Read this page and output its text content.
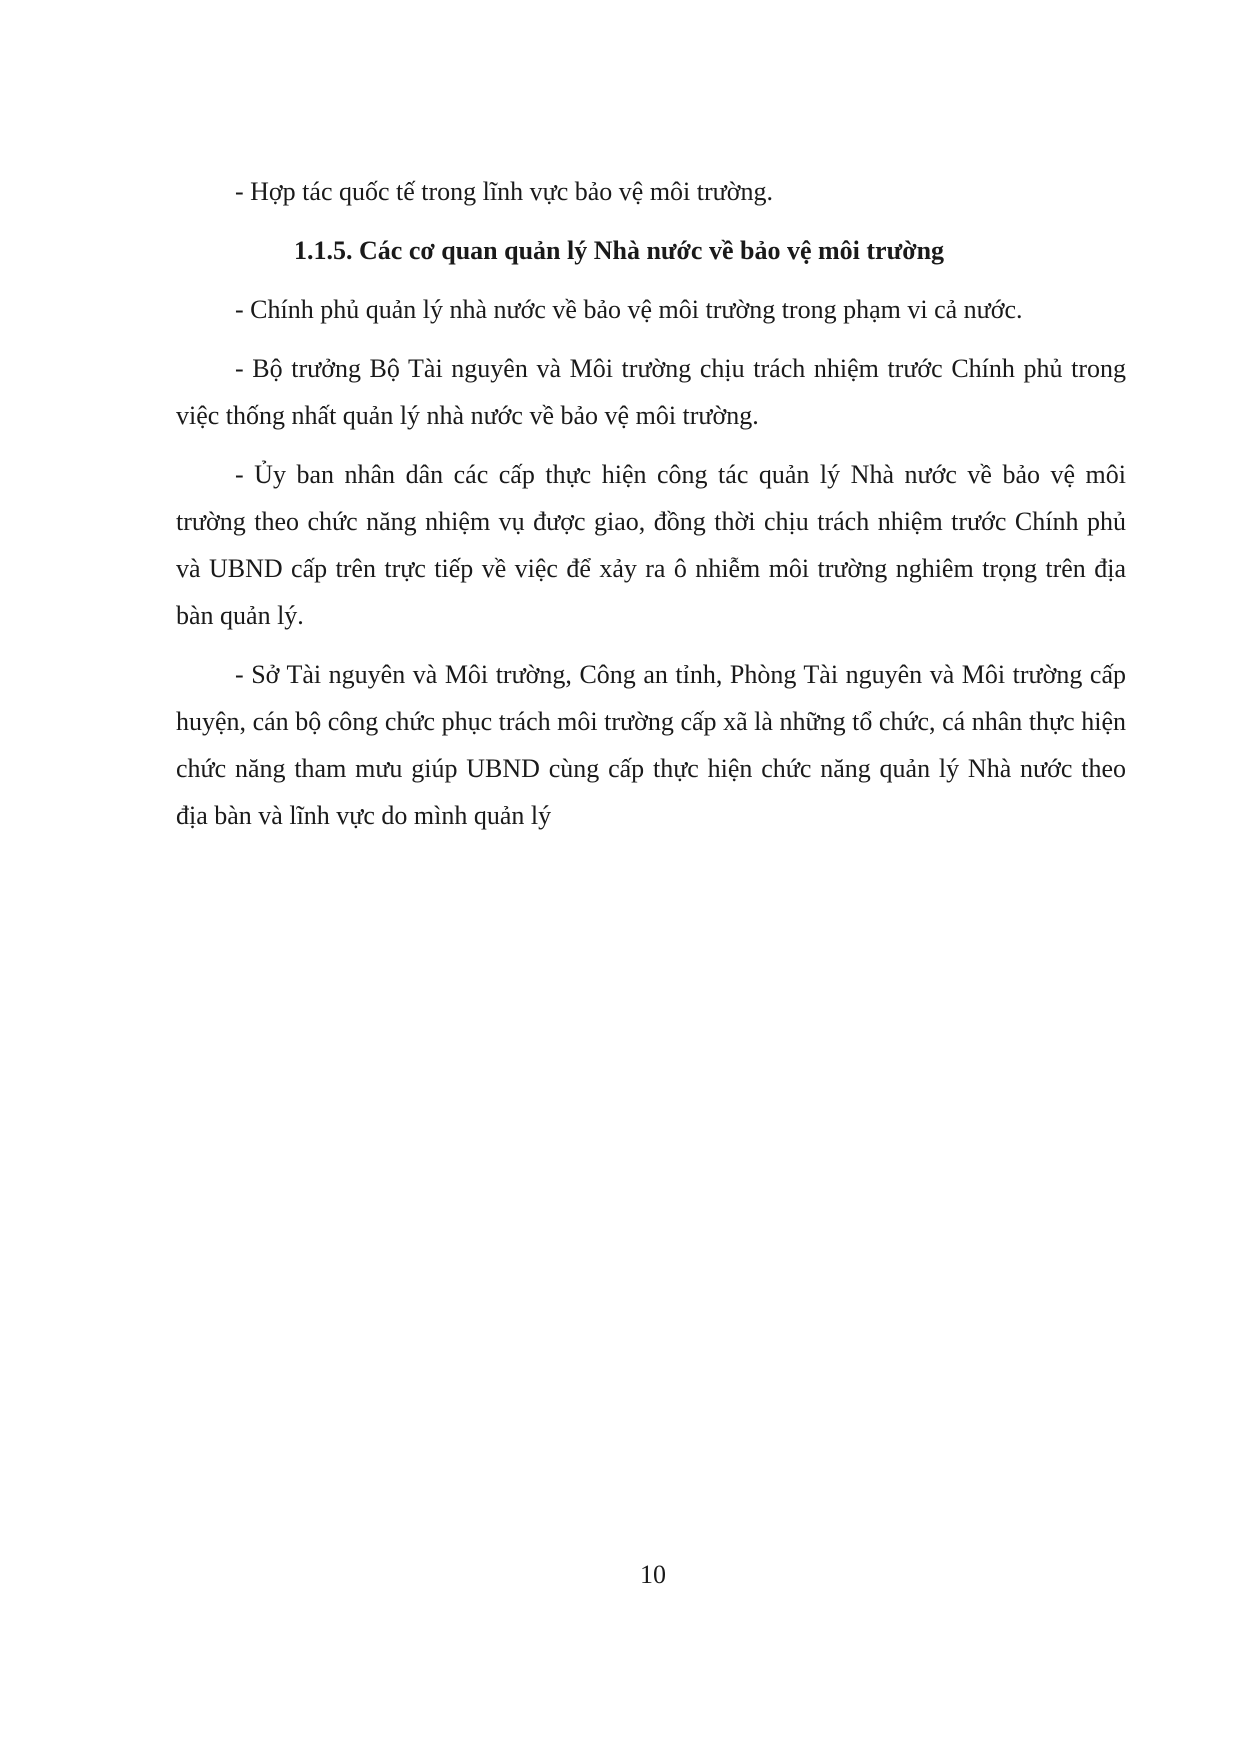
- Hợp tác quốc tế trong lĩnh vực bảo vệ môi trường.

1.1.5. Các cơ quan quản lý Nhà nước về bảo vệ môi trường

- Chính phủ quản lý nhà nước về bảo vệ môi trường trong phạm vi cả nước.

- Bộ trưởng Bộ Tài nguyên và Môi trường chịu trách nhiệm trước Chính phủ trong việc thống nhất quản lý nhà nước về bảo vệ môi trường.

- Ủy ban nhân dân các cấp thực hiện công tác quản lý Nhà nước về bảo vệ môi trường theo chức năng nhiệm vụ được giao, đồng thời chịu trách nhiệm trước Chính phủ và UBND cấp trên trực tiếp về việc để xảy ra ô nhiễm môi trường nghiêm trọng trên địa bàn quản lý.

- Sở Tài nguyên và Môi trường, Công an tỉnh, Phòng Tài nguyên và Môi trường cấp huyện, cán bộ công chức phục trách môi trường cấp xã là những tổ chức, cá nhân thực hiện chức năng tham mưu giúp UBND cùng cấp thực hiện chức năng quản lý Nhà nước theo địa bàn và lĩnh vực do mình quản lý

10
